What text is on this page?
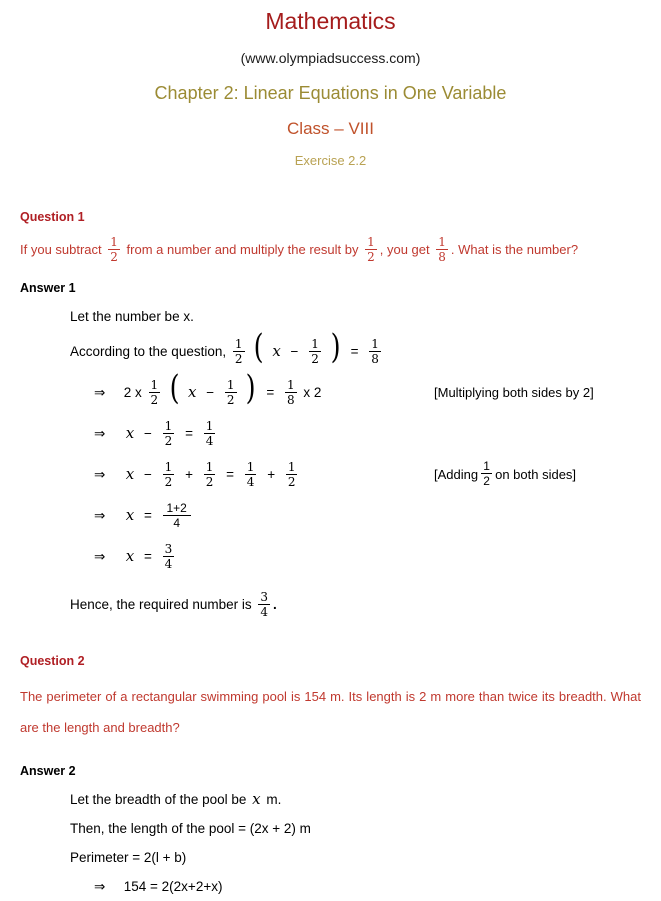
Mathematics
(www.olympiadsuccess.com)
Chapter 2: Linear Equations in One Variable
Class – VIII
Exercise 2.2
Question 1
If you subtract $\frac{1}{2}$ from a number and multiply the result by $\frac{1}{2}$ , you get $\frac{1}{8}$ . What is the number?
Answer 1
Let the number be x.
According to the question, $\frac{1}{2}$ ( $x - \frac{1}{2}$ ) = $\frac{1}{8}$
⇒ 2 x $\frac{1}{2}$ ( $x - \frac{1}{2}$ ) = $\frac{1}{8}$ x 2	[Multiplying both sides by 2]
⇒ $x - \frac{1}{2} = \frac{1}{4}$
⇒ $x - \frac{1}{2} + \frac{1}{2} = \frac{1}{4} + \frac{1}{2}$	[Adding $\frac{1}{2}$ on both sides]
⇒ $x = \frac{1+2}{4}$
⇒ $x = \frac{3}{4}$
Hence, the required number is $\frac{3}{4}$ .
Question 2
The perimeter of a rectangular swimming pool is 154 m. Its length is 2 m more than twice its breadth. What are the length and breadth?
Answer 2
Let the breadth of the pool be x m.
Then, the length of the pool = (2x + 2) m
Perimeter = 2(l + b)
⇒ 154 = 2(2x+2+x)
